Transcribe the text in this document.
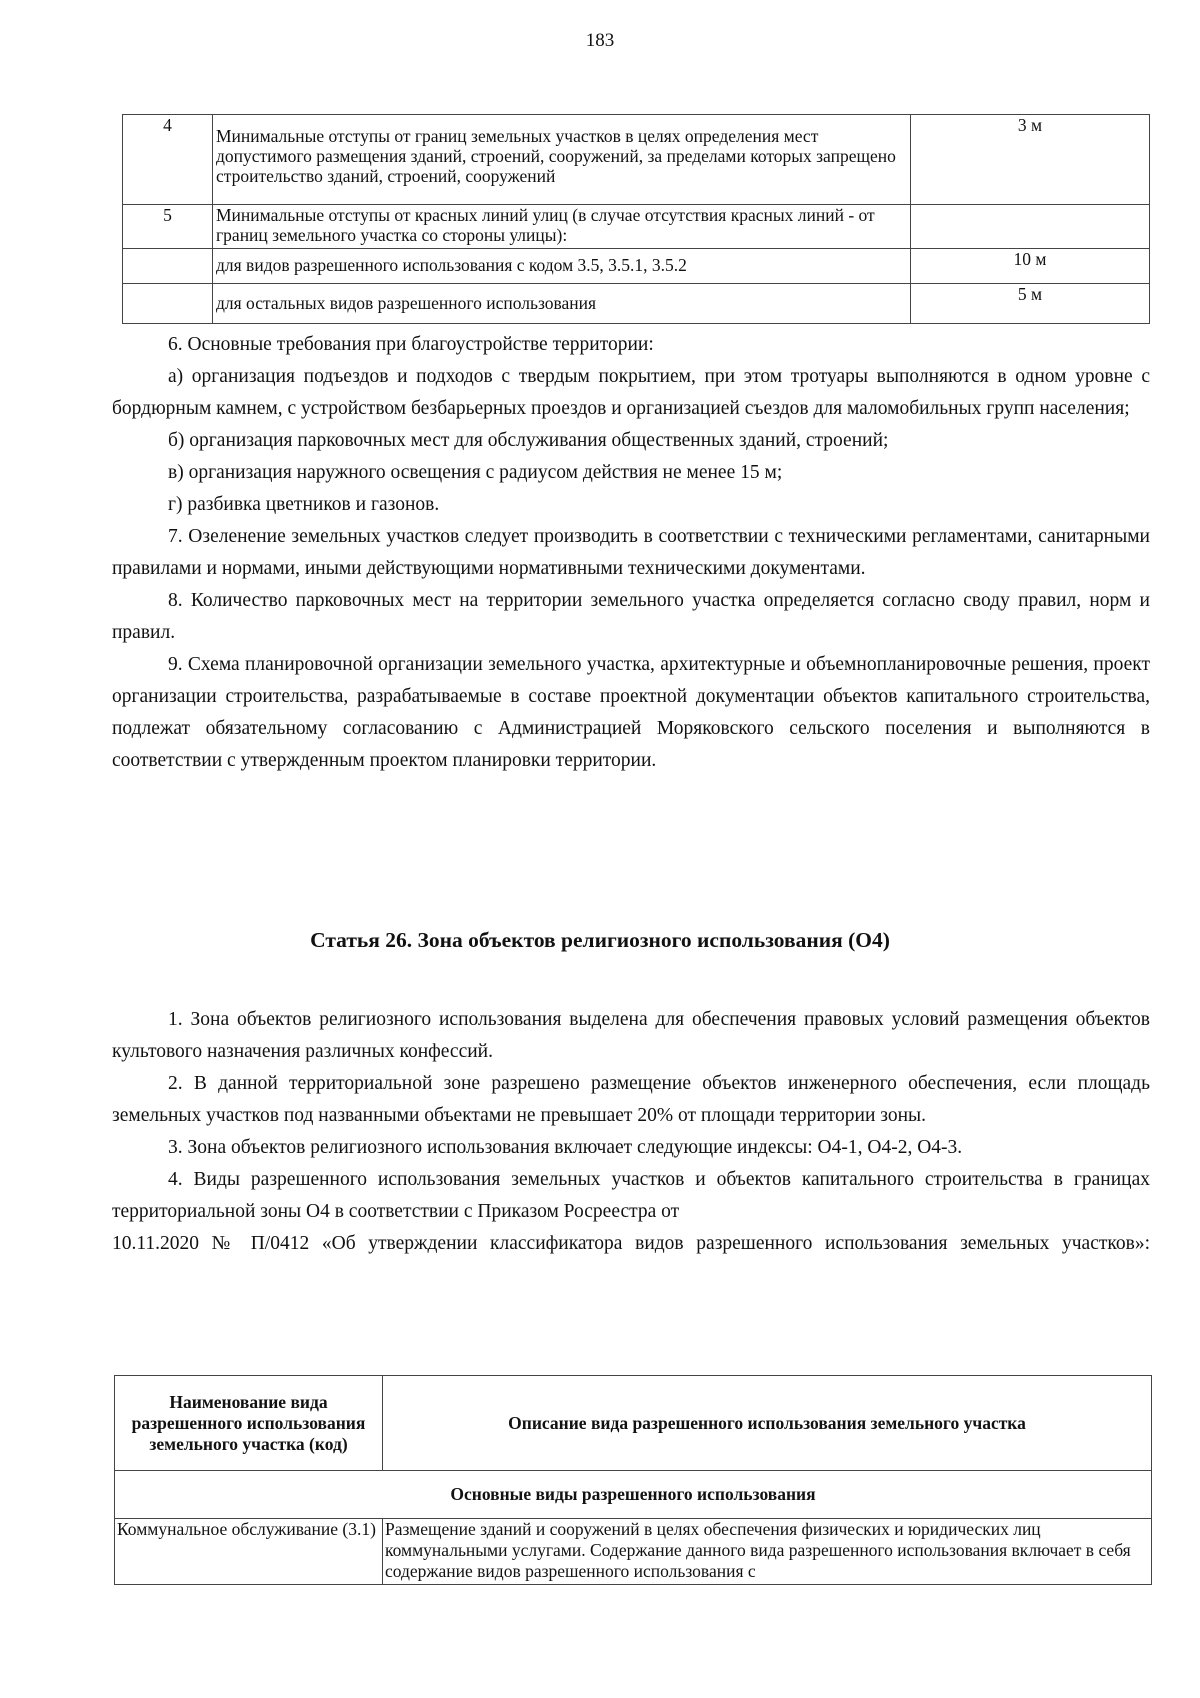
183
4	Минимальные отступы от границ земельных участков в целях определения мест допустимого размещения зданий, строений, сооружений, за пределами которых запрещено строительство зданий, строений, сооружений	3 м
5	Минимальные отступы от красных линий улиц (в случае отсутствия красных линий - от границ земельного участка со стороны улицы):	
	для видов разрешенного использования с кодом 3.5, 3.5.1, 3.5.2	10 м
	для остальных видов разрешенного использования	5 м

6. Основные требования при благоустройстве территории:

а) организация подъездов и подходов с твердым покрытием, при этом тротуары выполняются в одном уровне с бордюрным камнем, с устройством безбарьерных проездов и организацией съездов для маломобильных групп населения;

б) организация парковочных мест для обслуживания общественных зданий, строений;

в) организация наружного освещения с радиусом действия не менее 15 м;

г) разбивка цветников и газонов.

7. Озеленение земельных участков следует производить в соответствии с техническими регламентами, санитарными правилами и нормами, иными действующими нормативными техническими документами.

8. Количество парковочных мест на территории земельного участка определяется согласно своду правил, норм и правил.

9. Схема планировочной организации земельного участка, архитектурные и объемнопланировочные решения, проект организации строительства, разрабатываемые в составе проектной документации объектов капитального строительства, подлежат обязательному согласованию с Администрацией Моряковского сельского поселения и выполняются в соответствии с утвержденным проектом планировки территории.

Статья 26. Зона объектов религиозного использования (О4)

1. Зона объектов религиозного использования выделена для обеспечения правовых условий размещения объектов культового назначения различных конфессий.

2. В данной территориальной зоне разрешено размещение объектов инженерного обеспечения, если площадь земельных участков под названными объектами не превышает 20% от площади территории зоны.

3. Зона объектов религиозного использования включает следующие индексы: О4-1, О4-2, О4-3.

4. Виды разрешенного использования земельных участков и объектов капитального строительства в границах территориальной зоны О4 в соответствии с Приказом Росреестра от

10.11.2020 № П/0412 «Об утверждении классификатора видов разрешенного использования земельных участков»:

Наименование вида разрешенного использования земельного участка (код)	Описание вида разрешенного использования земельного участка
Основные виды разрешенного использования	
Коммунальное обслуживание (3.1)	Размещение зданий и сооружений в целях обеспечения физических и юридических лиц коммунальными услугами. Содержание данного вида разрешенного использования включает в себя содержание видов разрешенного использования с
